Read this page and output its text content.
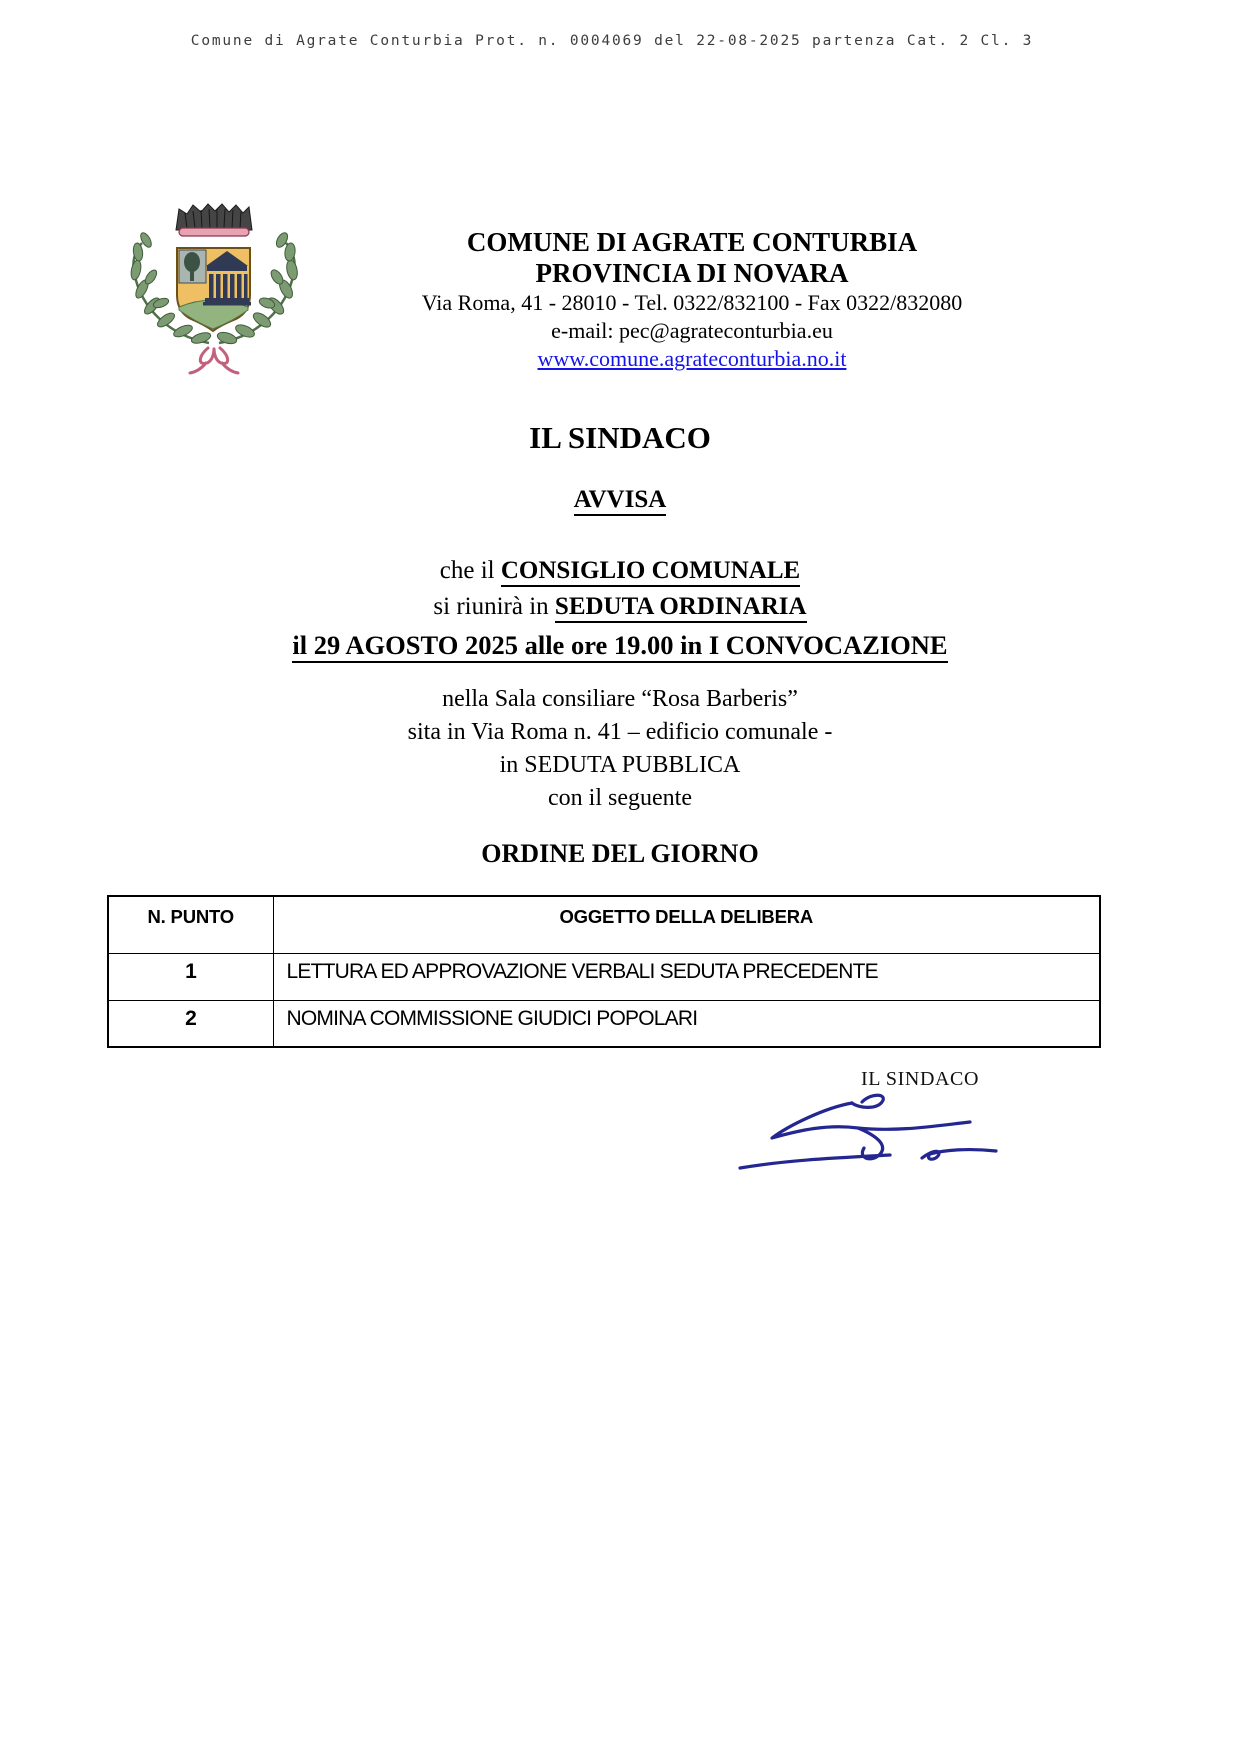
Comune di Agrate Conturbia Prot. n. 0004069 del 22-08-2025 partenza Cat. 2 Cl. 3
COMUNE DI AGRATE CONTURBIA
PROVINCIA DI NOVARA
Via Roma, 41 - 28010 - Tel. 0322/832100 - Fax 0322/832080
e-mail: pec@agrateconturbia.eu
www.comune.agrateconturbia.no.it
IL SINDACO
AVVISA
che il CONSIGLIO COMUNALE
si riunirà in SEDUTA ORDINARIA
il 29 AGOSTO 2025 alle ore 19.00 in I CONVOCAZIONE
nella Sala consiliare “Rosa Barberis”
sita in Via Roma n. 41 – edificio comunale -
in SEDUTA PUBBLICA
con il seguente
ORDINE DEL GIORNO
N. PUNTO	OGGETTO DELLA DELIBERA
1	LETTURA ED APPROVAZIONE VERBALI SEDUTA PRECEDENTE
2	NOMINA COMMISSIONE GIUDICI POPOLARI
IL SINDACO
